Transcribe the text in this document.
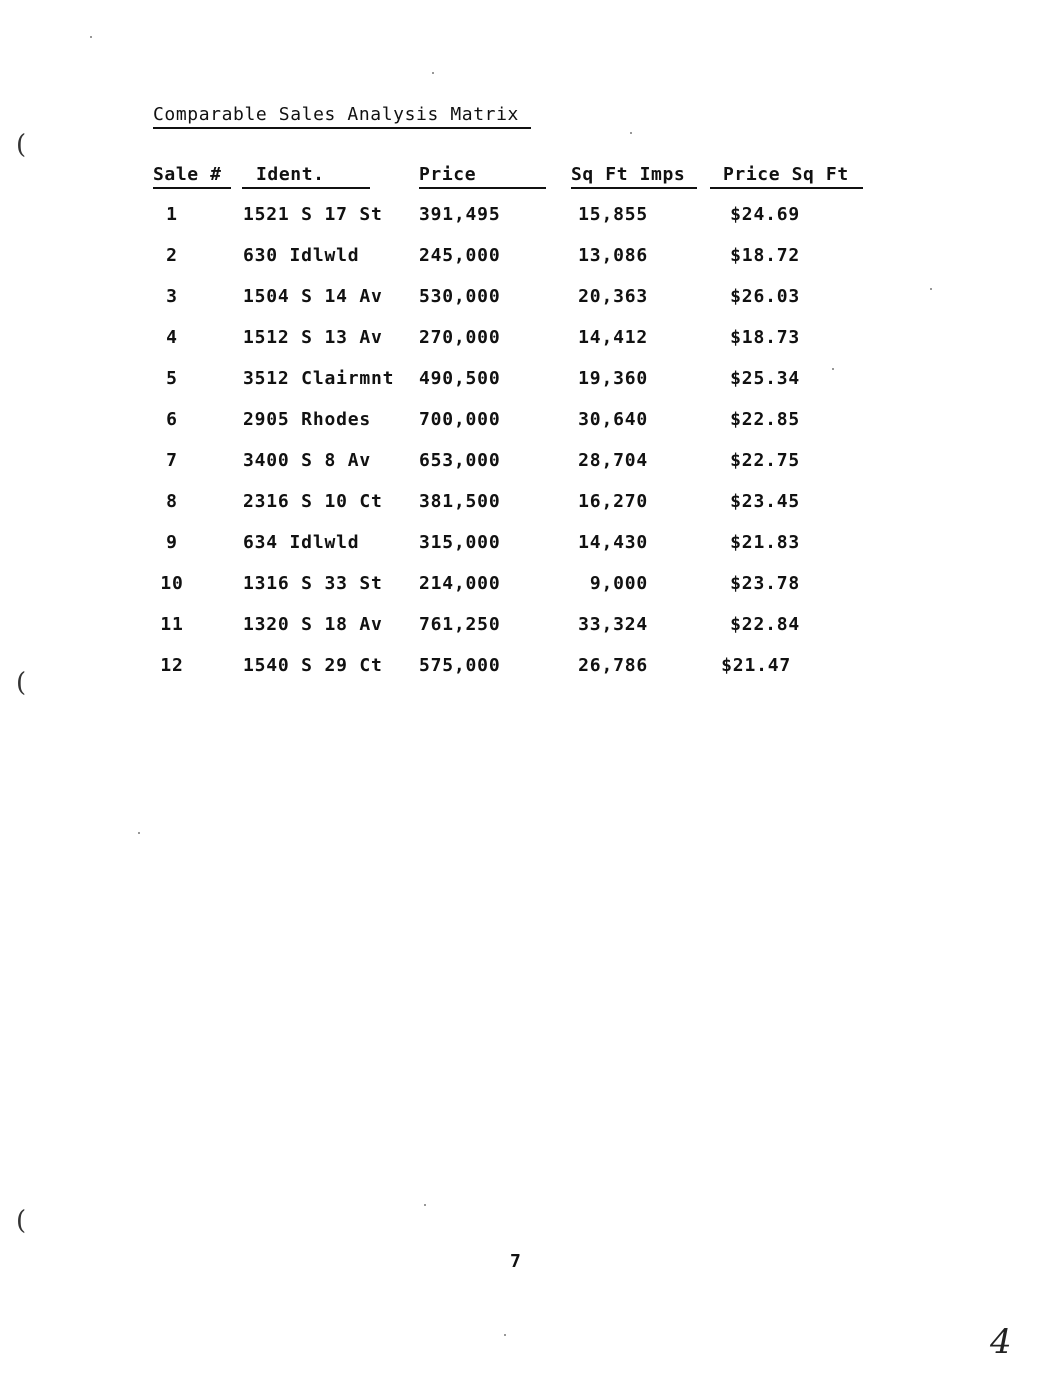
Comparable Sales Analysis Matrix
Sale #	Ident.	Price	Sq Ft Imps	Price Sq Ft
1	1521 S 17 St 391,495	15,855	$24.69
2	630 Idlwld	245,000	13,086	$18.72
3	1504 S 14 Av 530,000	20,363	$26.03
4	1512 S 13 Av 270,000	14,412	$18.73
5	3512 Clairmnt 490,500	19,360	$25.34
6	2905 Rhodes	700,000	30,640	$22.85
7	3400 S 8 Av	653,000	28,704	$22.75
8	2316 S 10 Ct 381,500	16,270	$23.45
9	634 Idlwld	315,000	14,430	$21.83
10	1316 S 33 St 214,000	9,000	$23.78
11	1320 S 18 Av 761,250	33,324	$22.84
12	1540 S 29 Ct 575,000	26,786	$21.47
7
4
(
(
(
